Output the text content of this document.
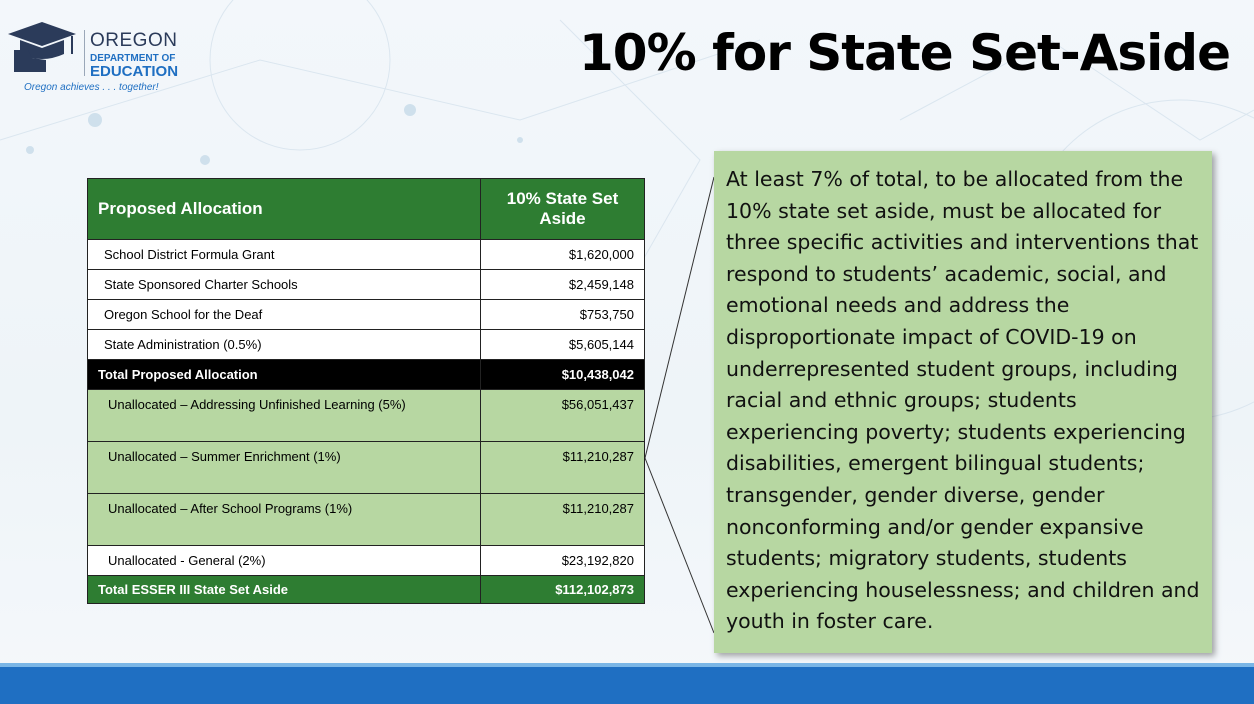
OREGON
DEPARTMENT OF
EDUCATION
Oregon achieves . . . together!
10% for State Set-Aside
Proposed Allocation	10% State Set Aside
School District Formula Grant	$1,620,000
State Sponsored Charter Schools	$2,459,148
Oregon School for the Deaf	$753,750
State Administration (0.5%)	$5,605,144
Total Proposed Allocation	$10,438,042
Unallocated – Addressing Unfinished Learning (5%)	$56,051,437
Unallocated – Summer Enrichment (1%)	$11,210,287
Unallocated – After School Programs (1%)	$11,210,287
Unallocated - General (2%)	$23,192,820
Total ESSER III State Set Aside	$112,102,873
At least 7% of total, to be allocated from the 10% state set aside, must be allocated for three specific activities and interventions that respond to students’ academic, social, and emotional needs and address the disproportionate impact of COVID-19 on underrepresented student groups, including racial and ethnic groups; students experiencing poverty; students experiencing disabilities, emergent bilingual students; transgender, gender diverse, gender nonconforming and/or gender expansive students; migratory students, students experiencing houselessness; and children and youth in foster care.
